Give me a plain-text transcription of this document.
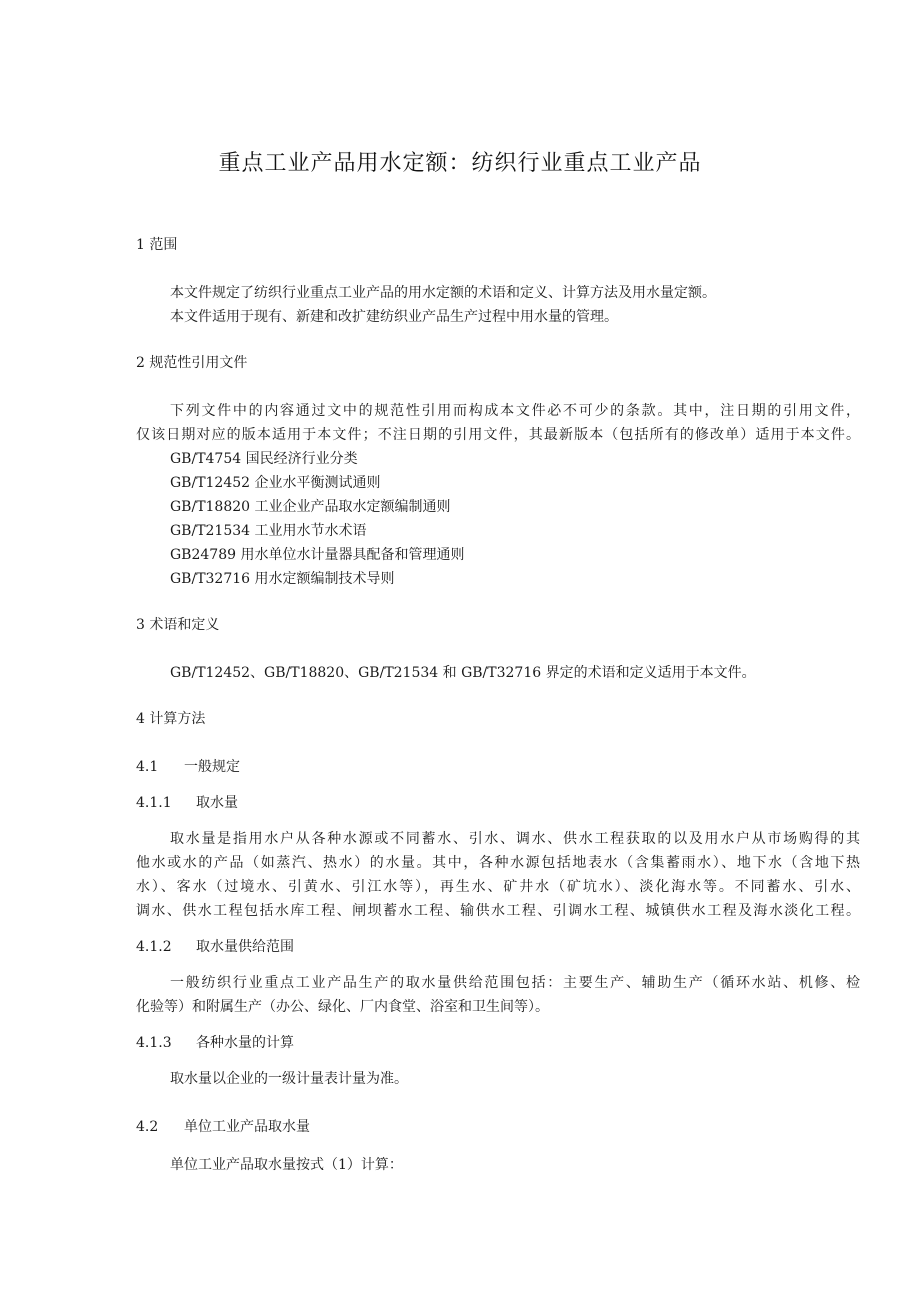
重点工业产品用水定额：纺织行业重点工业产品
1 范围
本文件规定了纺织行业重点工业产品的用水定额的术语和定义、计算方法及用水量定额。
本文件适用于现有、新建和改扩建纺织业产品生产过程中用水量的管理。
2 规范性引用文件
下列文件中的内容通过文中的规范性引用而构成本文件必不可少的条款。其中，注日期的引用文件，
仅该日期对应的版本适用于本文件；不注日期的引用文件，其最新版本（包括所有的修改单）适用于本文件。
GB/T4754 国民经济行业分类
GB/T12452 企业水平衡测试通则
GB/T18820 工业企业产品取水定额编制通则
GB/T21534 工业用水节水术语
GB24789 用水单位水计量器具配备和管理通则
GB/T32716 用水定额编制技术导则
3 术语和定义
GB/T12452、GB/T18820、GB/T21534 和 GB/T32716 界定的术语和定义适用于本文件。
4 计算方法
4.1 一般规定
4.1.1 取水量
取水量是指用水户从各种水源或不同蓄水、引水、调水、供水工程获取的以及用水户从市场购得的其
他水或水的产品（如蒸汽、热水）的水量。其中，各种水源包括地表水（含集蓄雨水）、地下水（含地下热
水）、客水（过境水、引黄水、引江水等），再生水、矿井水（矿坑水）、淡化海水等。不同蓄水、引水、
调水、供水工程包括水库工程、闸坝蓄水工程、输供水工程、引调水工程、城镇供水工程及海水淡化工程。
4.1.2 取水量供给范围
一般纺织行业重点工业产品生产的取水量供给范围包括：主要生产、辅助生产（循环水站、机修、检
化验等）和附属生产（办公、绿化、厂内食堂、浴室和卫生间等）。
4.1.3 各种水量的计算
取水量以企业的一级计量表计量为准。
4.2 单位工业产品取水量
单位工业产品取水量按式（1）计算：
